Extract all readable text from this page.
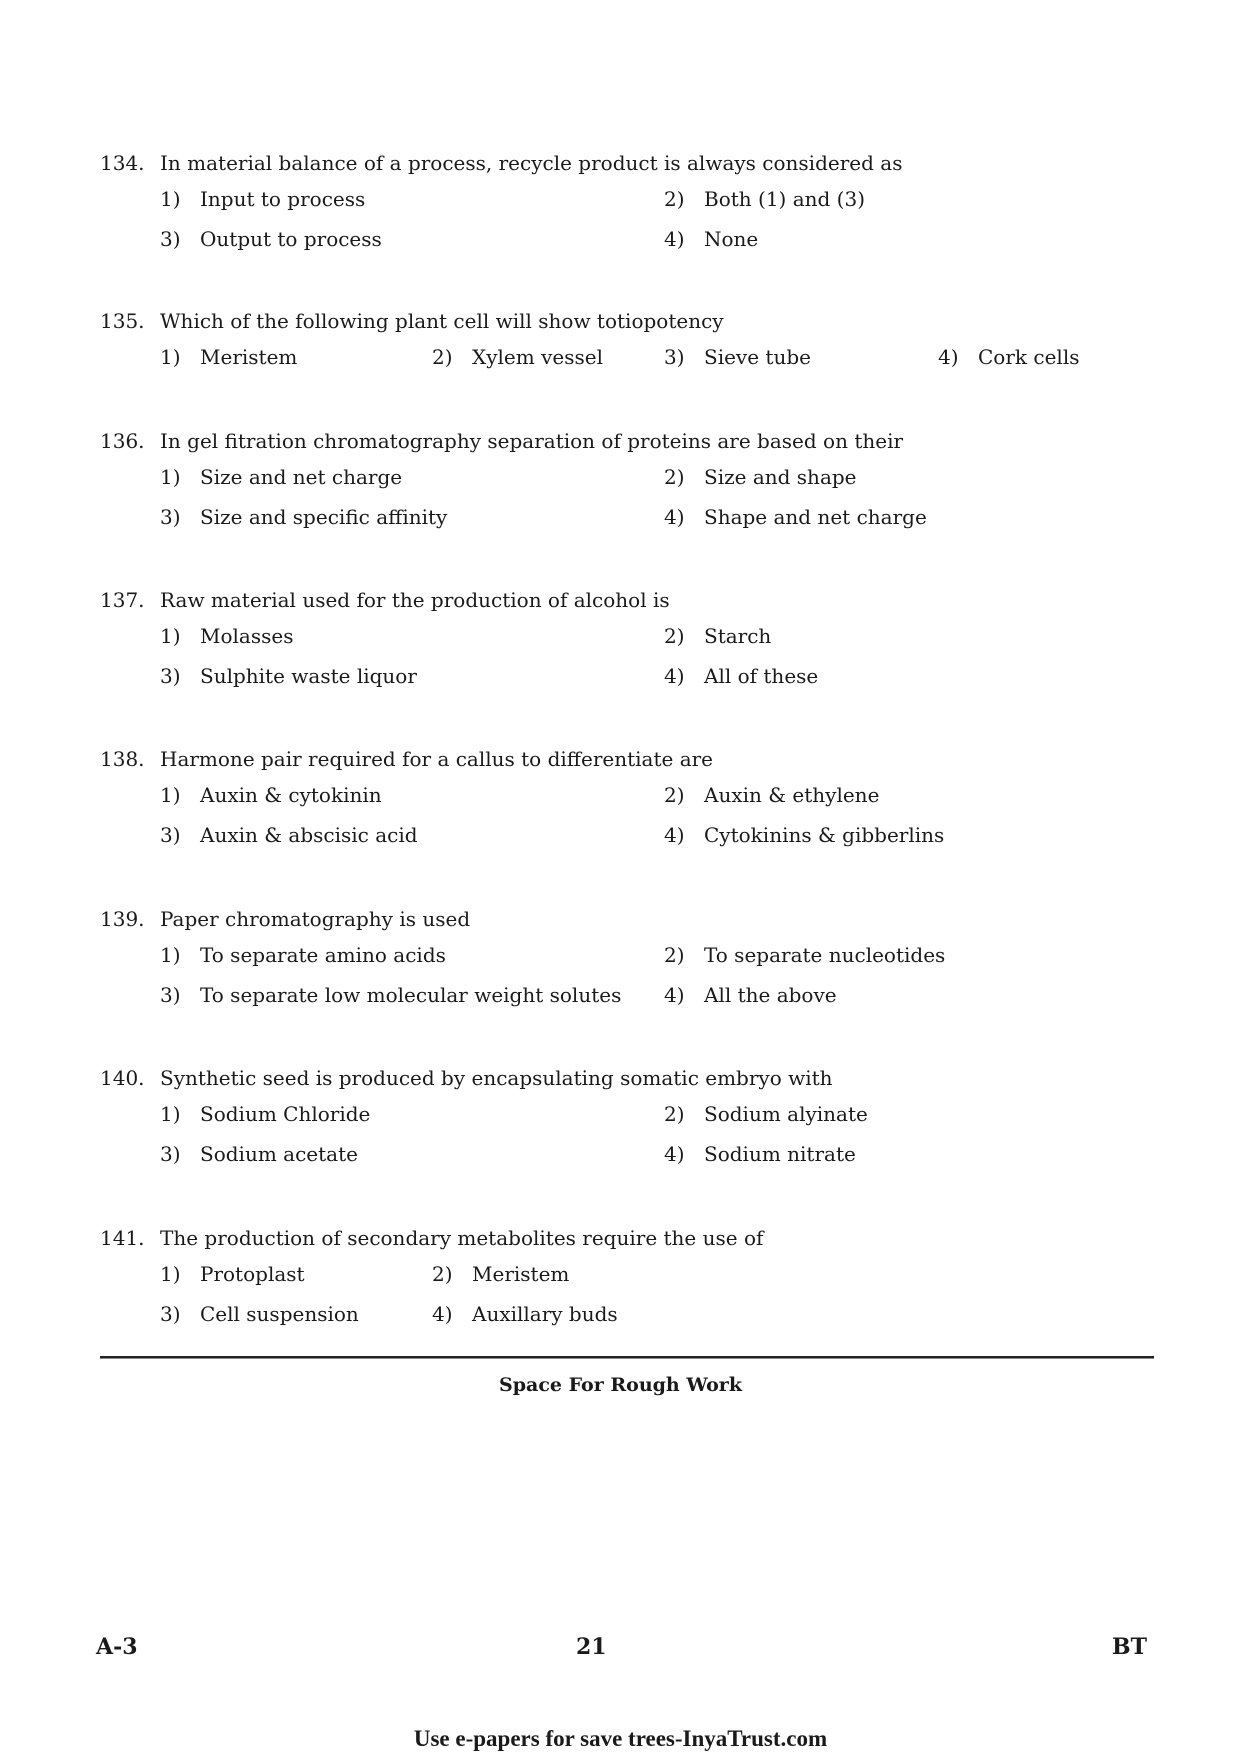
134. In material balance of a process, recycle product is always considered as
1) Input to process	2) Both (1) and (3)
3) Output to process	4) None
135. Which of the following plant cell will show totiopotency
1) Meristem	2) Xylem vessel	3) Sieve tube	4) Cork cells
136. In gel fitration chromatography separation of proteins are based on their
1) Size and net charge	2) Size and shape
3) Size and specific affinity	4) Shape and net charge
137. Raw material used for the production of alcohol is
1) Molasses	2) Starch
3) Sulphite waste liquor	4) All of these
138. Harmone pair required for a callus to differentiate are
1) Auxin & cytokinin	2) Auxin & ethylene
3) Auxin & abscisic acid	4) Cytokinins & gibberlins
139. Paper chromatography is used
1) To separate amino acids	2) To separate nucleotides
3) To separate low molecular weight solutes 4) All the above
140. Synthetic seed is produced by encapsulating somatic embryo with
1) Sodium Chloride	2) Sodium alyinate
3) Sodium acetate	4) Sodium nitrate
141. The production of secondary metabolites require the use of
1) Protoplast	2) Meristem
3) Cell suspension	4) Auxillary buds
Space For Rough Work
A-3	21	BT
Use e-papers for save trees-InyaTrust.com
